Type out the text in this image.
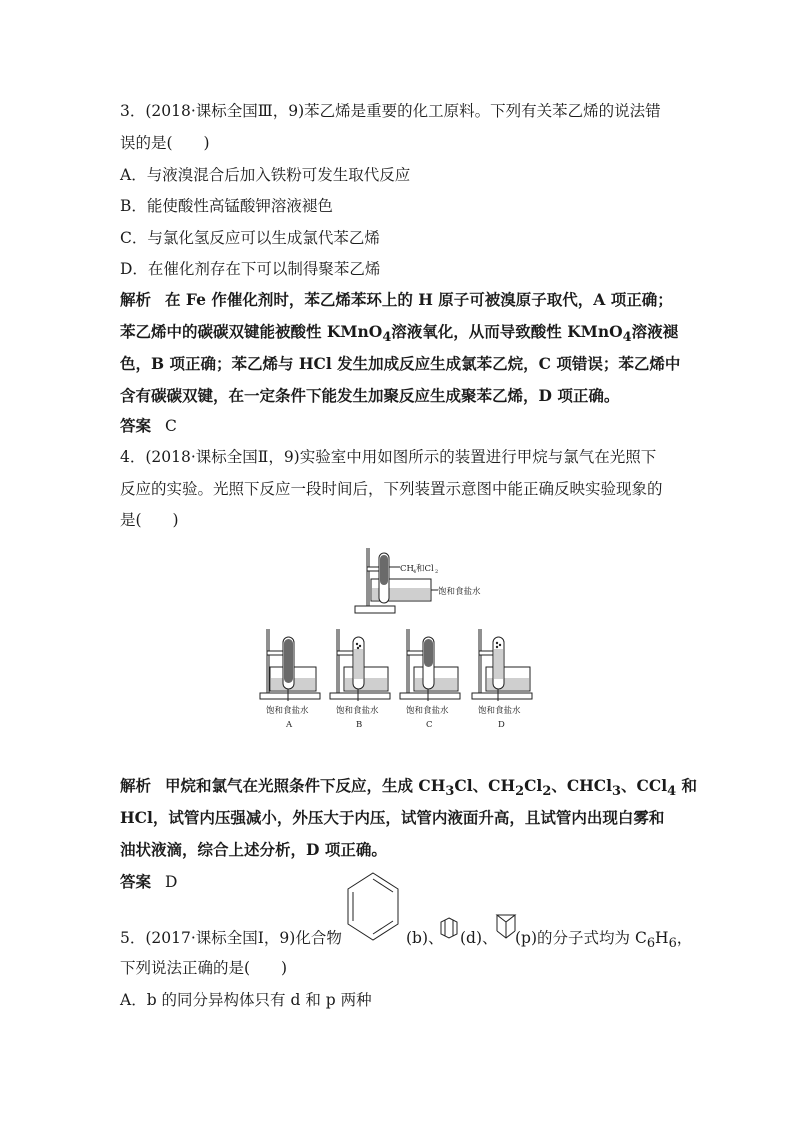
3．(2018·课标全国Ⅲ，9)苯乙烯是重要的化工原料。下列有关苯乙烯的说法错
误的是(　　)
A．与液溴混合后加入铁粉可发生取代反应
B．能使酸性高锰酸钾溶液褪色
C．与氯化氢反应可以生成氯代苯乙烯
D．在催化剂存在下可以制得聚苯乙烯
解析 在 Fe 作催化剂时，苯乙烯苯环上的 H 原子可被溴原子取代，A 项正确；
苯乙烯中的碳碳双键能被酸性 KMnO$_4$溶液氧化，从而导致酸性 KMnO$_4$溶液褪
色，B 项正确；苯乙烯与 HCl 发生加成反应生成氯苯乙烷，C 项错误；苯乙烯中
含有碳碳双键，在一定条件下能发生加聚反应生成聚苯乙烯，D 项正确。
答案 C
4．(2018·课标全国Ⅱ，9)实验室中用如图所示的装置进行甲烷与氯气在光照下
反应的实验。光照下反应一段时间后，下列装置示意图中能正确反映实验现象的
是(　　)
CH 4 和Cl 2
饱和食盐水
饱和食盐水	饱和食盐水	饱和食盐水	饱和食盐水
A	B	C	D
解析 甲烷和氯气在光照条件下反应，生成 $CH_3Cl$、$CH_2Cl_2$、CHCl$_3$、CCl$_4$ 和
HCl，试管内压强减小，外压大于内压，试管内液面升高，且试管内出现白雾和
油状液滴，综合上述分析，D 项正确。
答案 D
5．(2017·课标全国Ⅰ，9)化合物	(b)、 (d)、 (p)的分子式均为 $C_6H_6$，
下列说法正确的是(　　)
A．b 的同分异构体只有 d 和 p 两种
